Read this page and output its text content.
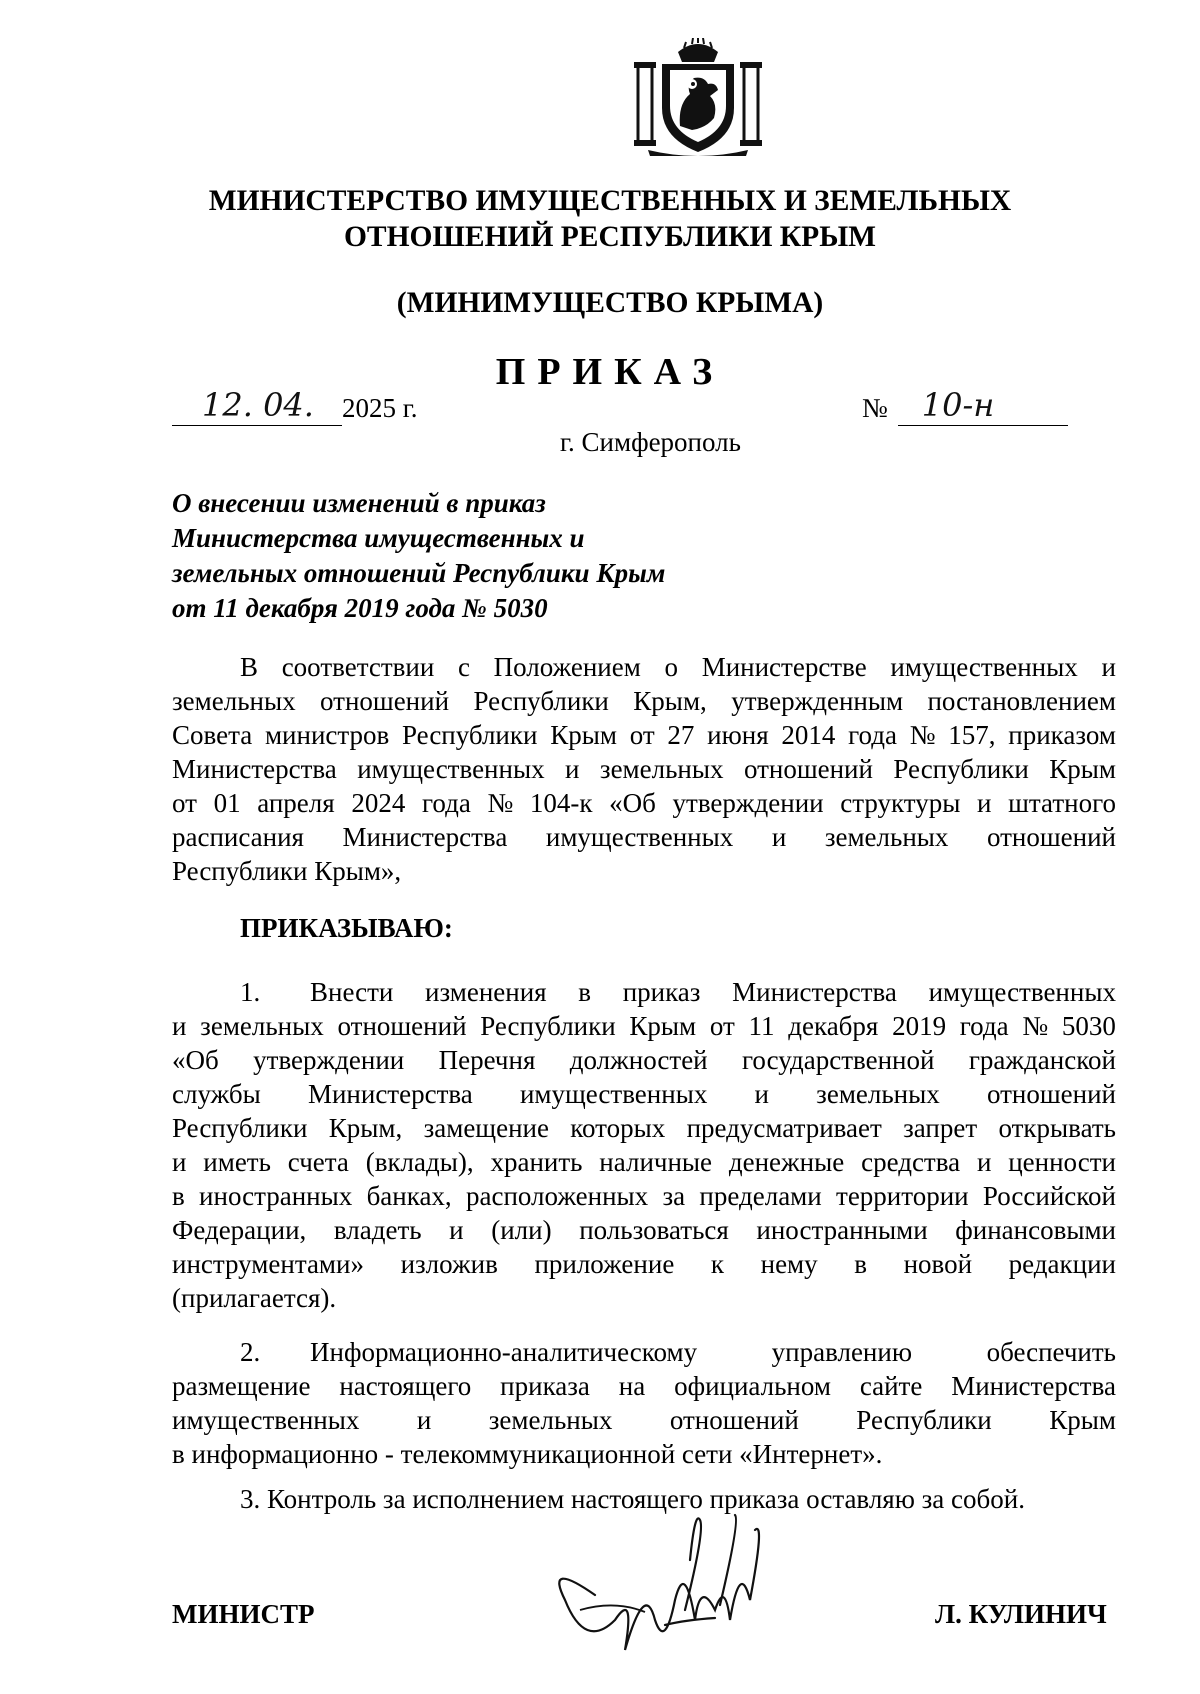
МИНИСТЕРСТВО ИМУЩЕСТВЕННЫХ И ЗЕМЕЛЬНЫХ
ОТНОШЕНИЙ РЕСПУБЛИКИ КРЫМ
(МИНИМУЩЕСТВО КРЫМА)
ПРИКАЗ
12. 04. 2025 г.	№ 10-н
г. Симферополь
О внесении изменений в приказ
Министерства имущественных и
земельных отношений Республики Крым
от 11 декабря 2019 года № 5030
В соответствии с Положением о Министерстве имущественных и
земельных отношений Республики Крым, утвержденным постановлением
Совета министров Республики Крым от 27 июня 2014 года № 157, приказом
Министерства имущественных и земельных отношений Республики Крым
от 01 апреля 2024 года № 104-к «Об утверждении структуры и штатного
расписания Министерства имущественных и земельных отношений
Республики Крым»,
ПРИКАЗЫВАЮ:
1.	Внести изменения в приказ Министерства имущественных
и земельных отношений Республики Крым от 11 декабря 2019 года № 5030
«Об утверждении Перечня должностей государственной гражданской
службы Министерства имущественных и земельных отношений
Республики Крым, замещение которых предусматривает запрет открывать
и иметь счета (вклады), хранить наличные денежные средства и ценности
в иностранных банках, расположенных за пределами территории Российской
Федерации, владеть и (или) пользоваться иностранными финансовыми
инструментами» изложив приложение к нему в новой редакции
(прилагается).
2.	Информационно-аналитическому	управлению	обеспечить
размещение настоящего приказа на официальном сайте Министерства
имущественных и земельных отношений Республики Крым
в информационно - телекоммуникационной сети «Интернет».
3. Контроль за исполнением настоящего приказа оставляю за собой.
МИНИСТР	Л. КУЛИНИЧ
